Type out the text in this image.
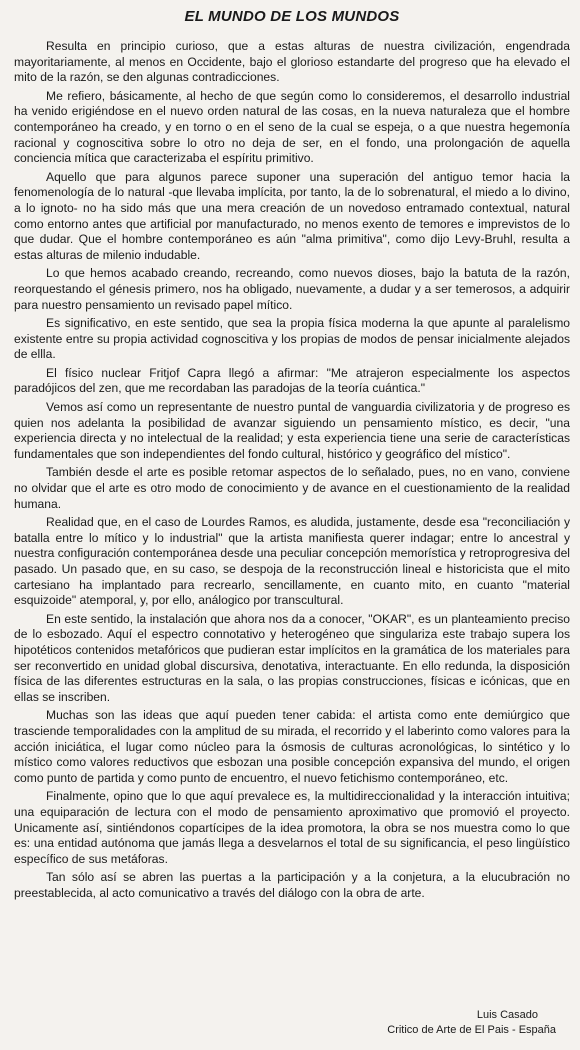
EL MUNDO DE LOS MUNDOS

Resulta en principio curioso, que a estas alturas de nuestra civilización, engendrada mayoritariamente, al menos en Occidente, bajo el glorioso estandarte del progreso que ha elevado el mito de la razón, se den algunas contradicciones.

Me refiero, básicamente, al hecho de que según como lo consideremos, el desarrollo industrial ha venido erigiéndose en el nuevo orden natural de las cosas, en la nueva naturaleza que el hombre contemporáneo ha creado, y en torno o en el seno de la cual se espeja, o a que nuestra hegemonía racional y cognoscitiva sobre lo otro no deja de ser, en el fondo, una prolongación de aquella conciencia mítica que caracterizaba el espíritu primitivo.

Aquello que para algunos parece suponer una superación del antiguo temor hacia la fenomenología de lo natural -que llevaba implícita, por tanto, la de lo sobrenatural, el miedo a lo divino, a lo ignoto- no ha sido más que una mera creación de un novedoso entramado contextual, natural como entorno antes que artificial por manufacturado, no menos exento de temores e imprevistos de lo que dudar. Que el hombre contemporáneo es aún "alma primitiva", como dijo Levy-Bruhl, resulta a estas alturas de milenio indudable.

Lo que hemos acabado creando, recreando, como nuevos dioses, bajo la batuta de la razón, reorquestando el génesis primero, nos ha obligado, nuevamente, a dudar y a ser temerosos, a adquirir para nuestro pensamiento un revisado papel mítico.

Es significativo, en este sentido, que sea la propia física moderna la que apunte al paralelismo existente entre su propia actividad cognoscitiva y los propias de modos de pensar inicialmente alejados de ellla.

El físico nuclear Fritjof Capra llegó a afirmar: "Me atrajeron especialmente los aspectos paradójicos del zen, que me recordaban las paradojas de la teoría cuántica."

Vemos así como un representante de nuestro puntal de vanguardia civilizatoria y de progreso es quien nos adelanta la posibilidad de avanzar siguiendo un pensamiento místico, es decir, "una experiencia directa y no intelectual de la realidad; y esta experiencia tiene una serie de características fundamentales que son independientes del fondo cultural, histórico y geográfico del místico".

También desde el arte es posible retomar aspectos de lo señalado, pues, no en vano, conviene no olvidar que el arte es otro modo de conocimiento y de avance en el cuestionamiento de la realidad humana.

Realidad que, en el caso de Lourdes Ramos, es aludida, justamente, desde esa "reconciliación y batalla entre lo mítico y lo industrial" que la artista manifiesta querer indagar; entre lo ancestral y nuestra configuración contemporánea desde una peculiar concepción memorística y retroprogresiva del pasado. Un pasado que, en su caso, se despoja de la reconstrucción lineal e historicista que el mito cartesiano ha implantado para recrearlo, sencillamente, en cuanto mito, en cuanto "material esquizoide" atemporal, y, por ello, análogico por transcultural.

En este sentido, la instalación que ahora nos da a conocer, "OKAR", es un planteamiento preciso de lo esbozado. Aquí el espectro connotativo y heterogéneo que singulariza este trabajo supera los hipotéticos contenidos metafóricos que pudieran estar implícitos en la gramática de los materiales para ser reconvertido en unidad global discursiva, denotativa, interactuante. En ello redunda, la disposición física de las diferentes estructuras en la sala, o las propias construcciones, físicas e icónicas, que en ellas se inscriben.

Muchas son las ideas que aquí pueden tener cabida: el artista como ente demiúrgico que trasciende temporalidades con la amplitud de su mirada, el recorrido y el laberinto como valores para la acción iniciática, el lugar como núcleo para la ósmosis de culturas acronológicas, lo sintético y lo místico como valores reductivos que esbozan una posible concepción expansiva del mundo, el origen como punto de partida y como punto de encuentro, el nuevo fetichismo contemporáneo, etc.

Finalmente, opino que lo que aquí prevalece es, la multidireccionalidad y la interacción intuitiva; una equiparación de lectura con el modo de pensamiento aproximativo que promovió el proyecto. Unicamente así, sintiéndonos copartícipes de la idea promotora, la obra se nos muestra como lo que es: una entidad autónoma que jamás llega a desvelarnos el total de su significancia, el peso lingüístico específico de sus metáforas.

Tan sólo así se abren las puertas a la participación y a la conjetura, a la elucubración no preestablecida, al acto comunicativo a través del diálogo con la obra de arte.

Luis Casado
Critico de Arte de El Pais - España
